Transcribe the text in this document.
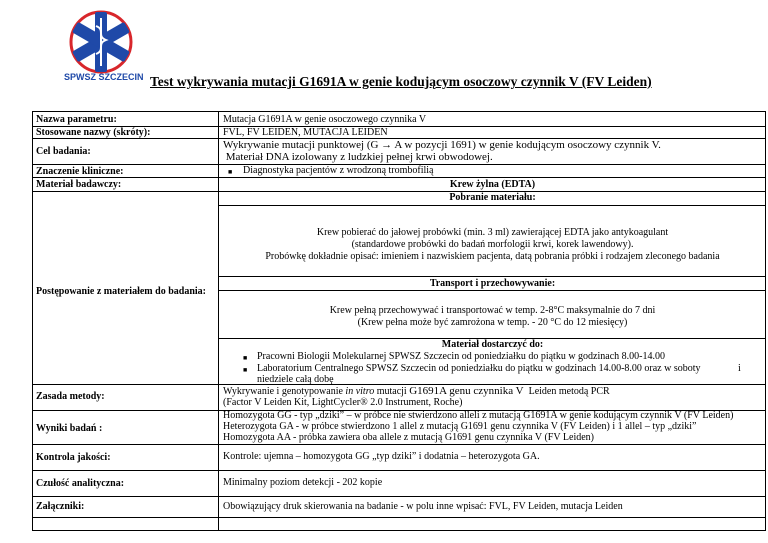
SPWSZ SZCZECIN Test wykrywania mutacji G1691A w genie kodującym osoczowy czynnik V (FV Leiden)
Nazwa parametru:
Stosowane nazwy (skróty):
Cel badania:
Znaczenie kliniczne:
Materiał badawczy:
Postępowanie z materiałem do badania:
Zasada metody:
Wyniki badań :
Kontrola jakości:
Czułość analityczna:
Załączniki:
Mutacja G1691A w genie osoczowego czynnika V
FVL, FV LEIDEN, MUTACJA LEIDEN
Wykrywanie mutacji punktowej (G → A w pozycji 1691) w genie kodującym osoczowy czynnik V.
Materiał DNA izolowany z ludzkiej pełnej krwi obwodowej.
■ Diagnostyka pacjentów z wrodzoną trombofilią
Krew żylna (EDTA)
Pobranie materiału:
Krew pobierać do jałowej probówki (min. 3 ml) zawierającej EDTA jako antykoagulant
(standardowe probówki do badań morfologii krwi, korek lawendowy).
Probówkę dokładnie opisać: imieniem i nazwiskiem pacjenta, datą pobrania próbki i rodzajem zleconego badania
Transport i przechowywanie:
Krew pełną przechowywać i transportować w temp. 2-8°C maksymalnie do 7 dni
(Krew pełna może być zamrożona w temp. - 20 °C do 12 miesięcy)
Materiał dostarczyć do:
■ Pracowni Biologii Molekularnej SPWSZ Szczecin od poniedziałku do piątku w godzinach 8.00-14.00
■ Laboratorium Centralnego SPWSZ Szczecin od poniedziałku do piątku w godzinach 14.00-8.00 oraz w soboty	i
niedziele całą dobę
Wykrywanie i genotypowanie in vitro mutacji G1691A genu czynnika V  Leiden metodą PCR
(Factor V Leiden Kit, LightCycler® 2.0 Instrument, Roche)
Homozygota GG - typ „dziki” – w próbce nie stwierdzono alleli z mutacją G1691A w genie kodującym czynnik V (FV Leiden)
Heterozygota GA - w próbce stwierdzono 1 allel z mutacją G1691 genu czynnika V (FV Leiden) i 1 allel – typ „dziki”
Homozygota AA - próbka zawiera oba allele z mutacją G1691 genu czynnika V (FV Leiden)
Kontrole: ujemna – homozygota GG „typ dziki” i dodatnia – heterozygota GA.
Minimalny poziom detekcji - 202 kopie
Obowiązujący druk skierowania na badanie - w polu inne wpisać: FVL, FV Leiden, mutacja Leiden
